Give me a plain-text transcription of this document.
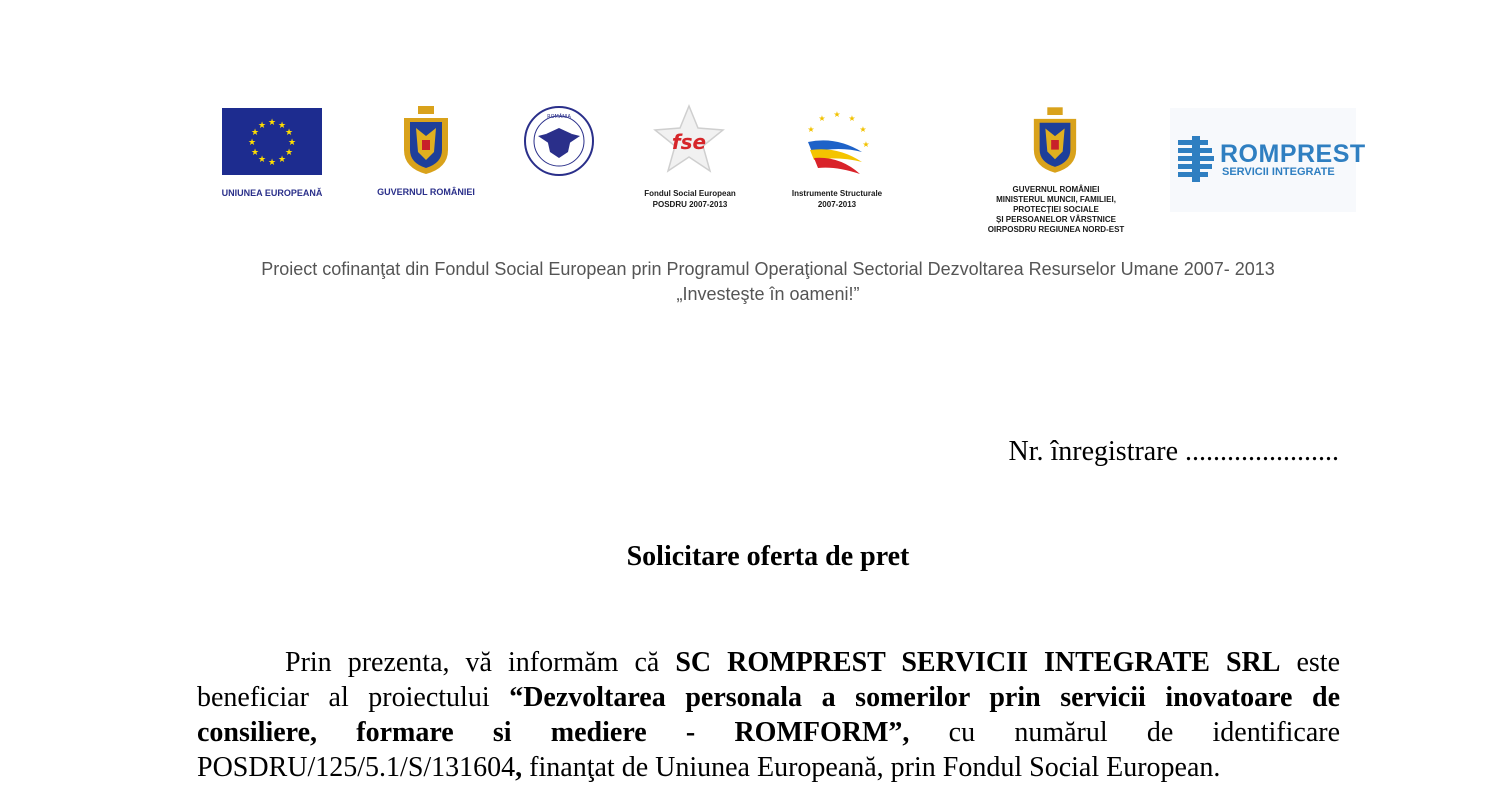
★ ★
★
★
★
★
★
★
★
★
★
★
UNIUNEA EUROPEANĂ	GUVERNUL ROMÂNIEI
ROMÂNIA
fse
Fondul Social European
POSDRU 2007-2013
★ ★
★
★
★
★
Instrumente Structurale
2007-2013
GUVERNUL ROMÂNIEI
MINISTERUL MUNCII, FAMILIEI,
PROTECȚIEI SOCIALE
ȘI PERSOANELOR VÂRSTNICE
OIRPOSDRU REGIUNEA NORD-EST
ROMPREST
SERVICII INTEGRATE
Proiect cofinanţat din Fondul Social European prin Programul Operaţional Sectorial Dezvoltarea Resurselor Umane 2007- 2013
„Investeşte în oameni!”
Nr. înregistrare ......................
Solicitare oferta de pret
Prin prezenta, vă informăm că SC ROMPREST SERVICII INTEGRATE SRL este beneficiar al proiectului “Dezvoltarea personala a somerilor prin servicii inovatoare de consiliere, formare si mediere - ROMFORM”, cu numărul de identificare POSDRU/125/5.1/S/131604, finanţat de Uniunea Europeană, prin Fondul Social European.
